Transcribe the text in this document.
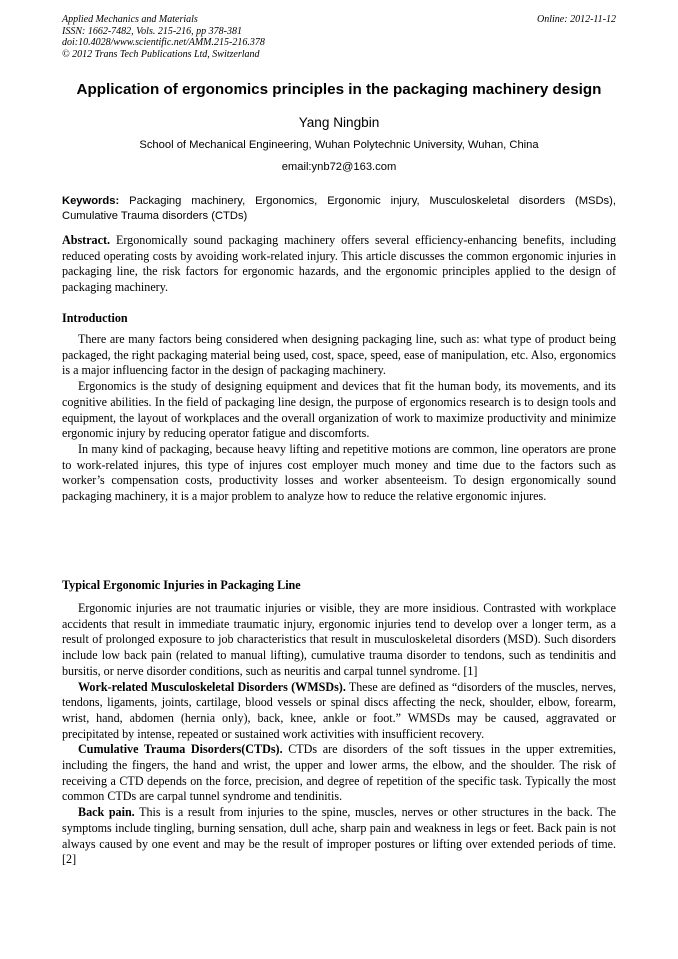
Applied Mechanics and Materials
ISSN: 1662-7482, Vols. 215-216, pp 378-381
doi:10.4028/www.scientific.net/AMM.215-216.378
© 2012 Trans Tech Publications Ltd, Switzerland
Online: 2012-11-12
Application of ergonomics principles in the packaging machinery design
Yang Ningbin
School of Mechanical Engineering, Wuhan Polytechnic University, Wuhan, China
email:ynb72@163.com
Keywords: Packaging machinery, Ergonomics, Ergonomic injury, Musculoskeletal disorders (MSDs), Cumulative Trauma disorders (CTDs)

Abstract. Ergonomically sound packaging machinery offers several efficiency-enhancing benefits, including reduced operating costs by avoiding work-related injury. This article discusses the common ergonomic injuries in packaging line, the risk factors for ergonomic hazards, and the ergonomic principles applied to the design of packaging machinery.

Introduction

There are many factors being considered when designing packaging line, such as: what type of product being packaged, the right packaging material being used, cost, space, speed, ease of manipulation, etc. Also, ergonomics is a major influencing factor in the design of packaging machinery.

Ergonomics is the study of designing equipment and devices that fit the human body, its movements, and its cognitive abilities. In the field of packaging line design, the purpose of ergonomics research is to design tools and equipment, the layout of workplaces and the overall organization of work to maximize productivity and minimize ergonomic injury by reducing operator fatigue and discomforts.

In many kind of packaging, because heavy lifting and repetitive motions are common, line operators are prone to work-related injures, this type of injures cost employer much money and time due to the factors such as worker’s compensation costs, productivity losses and worker absenteeism. To design ergonomically sound packaging machinery, it is a major problem to analyze how to reduce the relative ergonomic injures.

Typical Ergonomic Injuries in Packaging Line

Ergonomic injuries are not traumatic injuries or visible, they are more insidious. Contrasted with workplace accidents that result in immediate traumatic injury, ergonomic injuries tend to develop over a longer term, as a result of prolonged exposure to job characteristics that result in musculoskeletal disorders (MSD). Such disorders include low back pain (related to manual lifting), cumulative trauma disorder to tendons, such as tendinitis and bursitis, or nerve disorder conditions, such as neuritis and carpal tunnel syndrome. [1]

Work-related Musculoskeletal Disorders (WMSDs). These are defined as “disorders of the muscles, nerves, tendons, ligaments, joints, cartilage, blood vessels or spinal discs affecting the neck, shoulder, elbow, forearm, wrist, hand, abdomen (hernia only), back, knee, ankle or foot.” WMSDs may be caused, aggravated or precipitated by intense, repeated or sustained work activities with insufficient recovery.

Cumulative Trauma Disorders(CTDs). CTDs are disorders of the soft tissues in the upper extremities, including the fingers, the hand and wrist, the upper and lower arms, the elbow, and the shoulder. The risk of receiving a CTD depends on the force, precision, and degree of repetition of the specific task. Typically the most common CTDs are carpal tunnel syndrome and tendinitis.

Back pain. This is a result from injuries to the spine, muscles, nerves or other structures in the back. The symptoms include tingling, burning sensation, dull ache, sharp pain and weakness in legs or feet. Back pain is not always caused by one event and may be the result of improper postures or lifting over extended periods of time. [2]
